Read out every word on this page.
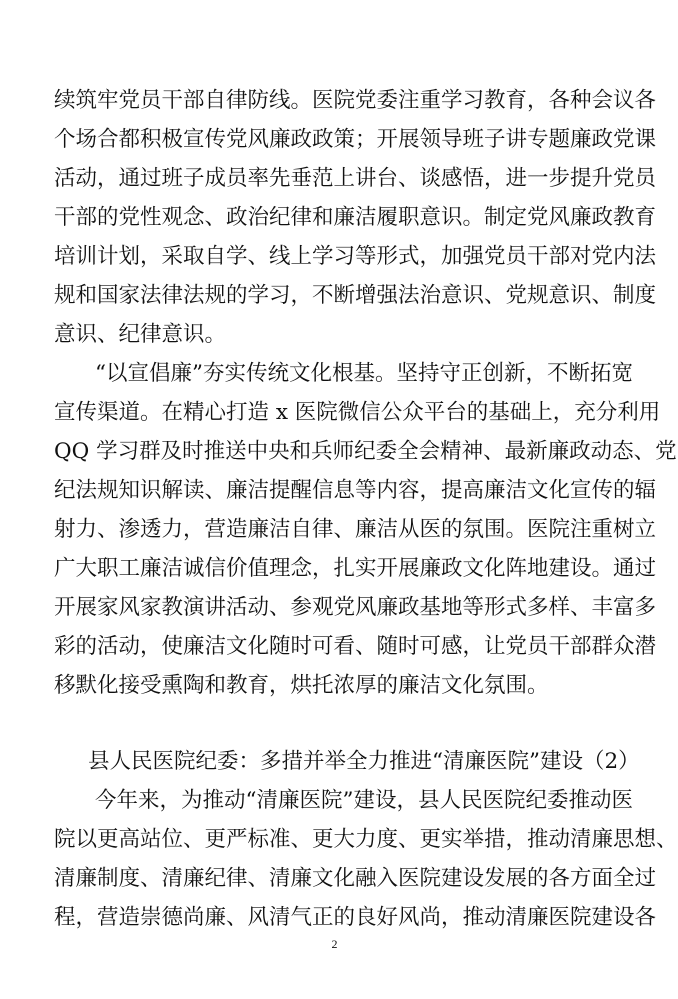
续筑牢党员干部自律防线。医院党委注重学习教育，各种会议各
个场合都积极宣传党风廉政政策；开展领导班子讲专题廉政党课
活动，通过班子成员率先垂范上讲台、谈感悟，进一步提升党员
干部的党性观念、政治纪律和廉洁履职意识。制定党风廉政教育
培训计划，采取自学、线上学习等形式，加强党员干部对党内法
规和国家法律法规的学习，不断增强法治意识、党规意识、制度
意识、纪律意识。
“以宣倡廉”夯实传统文化根基。坚持守正创新，不断拓宽
宣传渠道。在精心打造 x 医院微信公众平台的基础上，充分利用
QQ 学习群及时推送中央和兵师纪委全会精神、最新廉政动态、党
纪法规知识解读、廉洁提醒信息等内容，提高廉洁文化宣传的辐
射力、渗透力，营造廉洁自律、廉洁从医的氛围。医院注重树立
广大职工廉洁诚信价值理念，扎实开展廉政文化阵地建设。通过
开展家风家教演讲活动、参观党风廉政基地等形式多样、丰富多
彩的活动，使廉洁文化随时可看、随时可感，让党员干部群众潜
移默化接受熏陶和教育，烘托浓厚的廉洁文化氛围。
县人民医院纪委：多措并举全力推进“清廉医院”建设（2）
今年来，为推动“清廉医院”建设，县人民医院纪委推动医
院以更高站位、更严标准、更大力度、更实举措，推动清廉思想、
清廉制度、清廉纪律、清廉文化融入医院建设发展的各方面全过
程，营造崇德尚廉、风清气正的良好风尚，推动清廉医院建设各
2
